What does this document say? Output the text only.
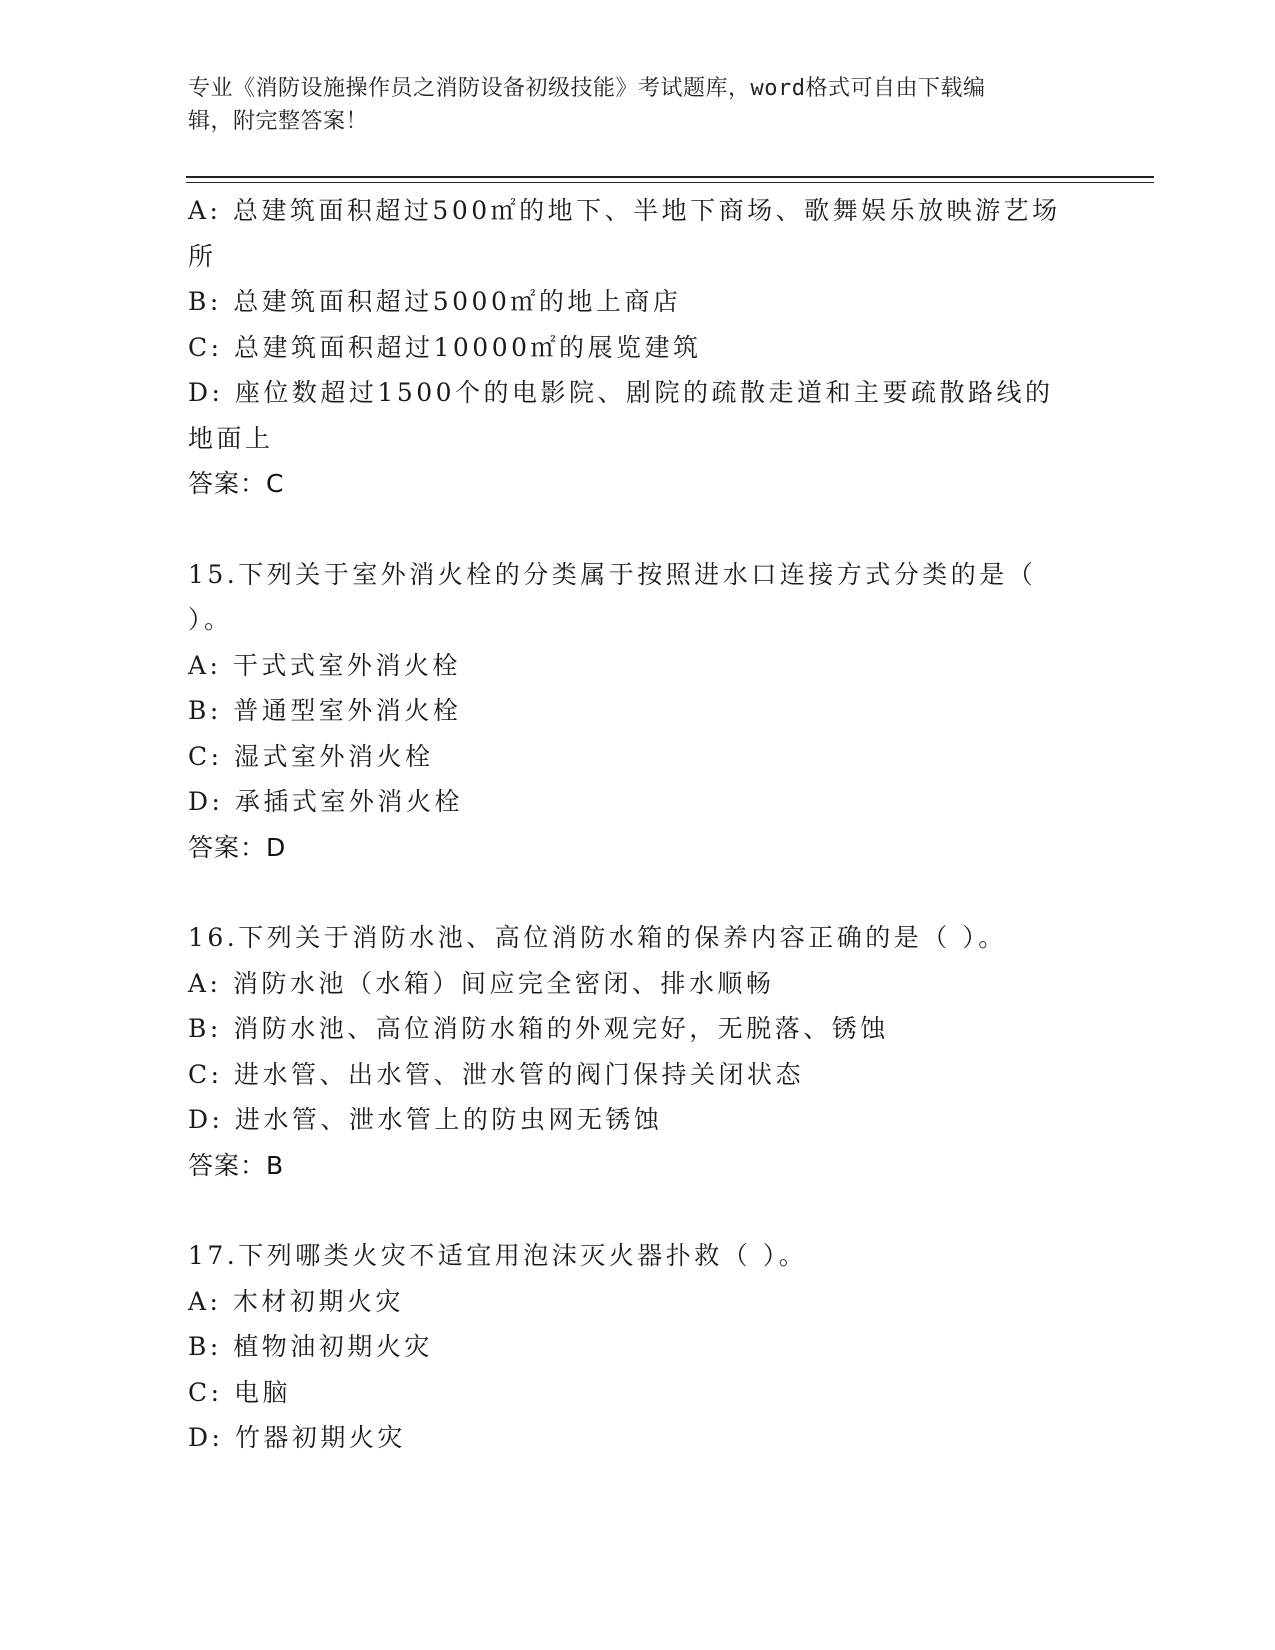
专业《消防设施操作员之消防设备初级技能》考试题库，word格式可自由下载编
辑，附完整答案！
A: 总建筑面积超过500㎡的地下、半地下商场、歌舞娱乐放映游艺场所
B: 总建筑面积超过5000㎡的地上商店
C: 总建筑面积超过10000㎡的展览建筑
D: 座位数超过1500个的电影院、剧院的疏散走道和主要疏散路线的地面上
答案：C
15.下列关于室外消火栓的分类属于按照进水口连接方式分类的是（ ）。
A: 干式式室外消火栓
B: 普通型室外消火栓
C: 湿式室外消火栓
D: 承插式室外消火栓
答案：D
16.下列关于消防水池、高位消防水箱的保养内容正确的是（ ）。
A: 消防水池（水箱）间应完全密闭、排水顺畅
B: 消防水池、高位消防水箱的外观完好，无脱落、锈蚀
C: 进水管、出水管、泄水管的阀门保持关闭状态
D: 进水管、泄水管上的防虫网无锈蚀
答案：B
17.下列哪类火灾不适宜用泡沫灭火器扑救（ ）。
A: 木材初期火灾
B: 植物油初期火灾
C: 电脑
D: 竹器初期火灾
